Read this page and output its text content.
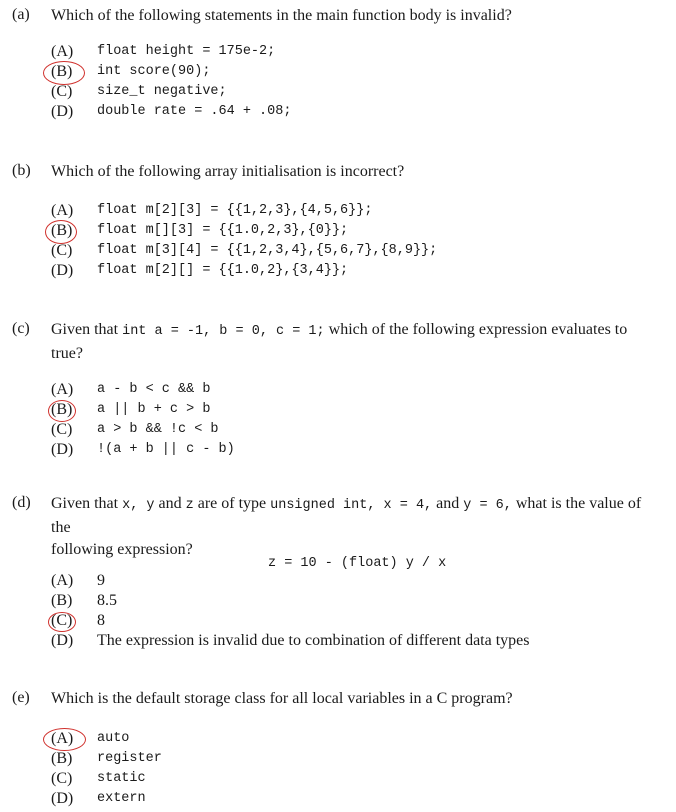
(a) Which of the following statements in the main function body is invalid?
(A) float height = 175e-2;
(B) int score(90);
(C) size_t negative;
(D) double rate = .64 + .08;
(b) Which of the following array initialisation is incorrect?
(A) float m[2][3] = {{1,2,3},{4,5,6}};
(B) float m[][3] = {{1.0,2,3},{0}};
(C) float m[3][4] = {{1,2,3,4},{5,6,7},{8,9}};
(D) float m[2][] = {{1.0,2},{3,4}};
(c) Given that int a = -1, b = 0, c = 1; which of the following expression evaluates to
true?
(A) a - b < c && b
(B) a || b + c > b
(C) a > b && !c < b
(D) !(a + b || c - b)
(d) Given that x, y and z are of type unsigned int, x = 4, and y = 6, what is the value of the
following expression?
z = 10 - (float) y / x
(A) 9
(B) 8.5
(C) 8
(D) The expression is invalid due to combination of different data types
(e) Which is the default storage class for all local variables in a C program?
(A) auto
(B) register
(C) static
(D) extern
